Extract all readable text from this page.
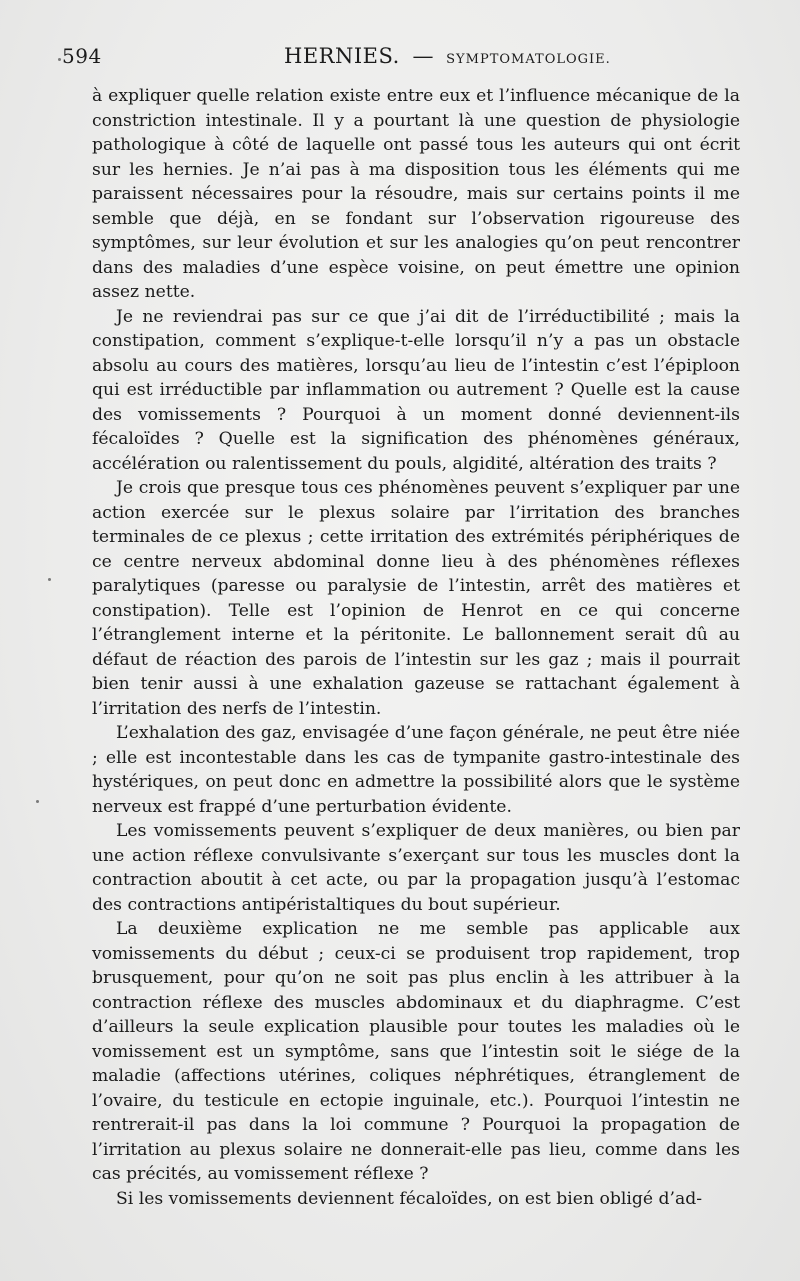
594	HERNIES. — SYMPTOMATOLOGIE.

à expliquer quelle relation existe entre eux et l’influence mécanique de la constriction intestinale. Il y a pourtant là une question de physiologie pathologique à côté de laquelle ont passé tous les auteurs qui ont écrit sur les hernies. Je n’ai pas à ma disposition tous les éléments qui me paraissent nécessaires pour la résoudre, mais sur certains points il me semble que déjà, en se fondant sur l’observation rigoureuse des symptômes, sur leur évolution et sur les analogies qu’on peut rencontrer dans des maladies d’une espèce voisine, on peut émettre une opinion assez nette.

Je ne reviendrai pas sur ce que j’ai dit de l’irréductibilité ; mais la constipation, comment s’explique-t-elle lorsqu’il n’y a pas un obstacle absolu au cours des matières, lorsqu’au lieu de l’intestin c’est l’épiploon qui est irréductible par inflammation ou autrement ? Quelle est la cause des vomissements ? Pourquoi à un moment donné deviennent-ils fécaloïdes ? Quelle est la signification des phénomènes généraux, accélération ou ralentissement du pouls, algidité, altération des traits ?

Je crois que presque tous ces phénomènes peuvent s’expliquer par une action exercée sur le plexus solaire par l’irritation des branches terminales de ce plexus ; cette irritation des extrémités périphériques de ce centre nerveux abdominal donne lieu à des phénomènes réflexes paralytiques (paresse ou paralysie de l’intestin, arrêt des matières et constipation). Telle est l’opinion de Henrot en ce qui concerne l’étranglement interne et la péritonite. Le ballonnement serait dû au défaut de réaction des parois de l’intestin sur les gaz ; mais il pourrait bien tenir aussi à une exhalation gazeuse se rattachant également à l’irritation des nerfs de l’intestin.

L’exhalation des gaz, envisagée d’une façon générale, ne peut être niée ; elle est incontestable dans les cas de tympanite gastro-intestinale des hystériques, on peut donc en admettre la possibilité alors que le système nerveux est frappé d’une perturbation évidente.

Les vomissements peuvent s’expliquer de deux manières, ou bien par une action réflexe convulsivante s’exerçant sur tous les muscles dont la contraction aboutit à cet acte, ou par la propagation jusqu’à l’estomac des contractions antipéristaltiques du bout supérieur.

La deuxième explication ne me semble pas applicable aux vomissements du début ; ceux-ci se produisent trop rapidement, trop brusquement, pour qu’on ne soit pas plus enclin à les attribuer à la contraction réflexe des muscles abdominaux et du diaphragme. C’est d’ailleurs la seule explication plausible pour toutes les maladies où le vomissement est un symptôme, sans que l’intestin soit le siége de la maladie (affections utérines, coliques néphrétiques, étranglement de l’ovaire, du testicule en ectopie inguinale, etc.). Pourquoi l’intestin ne rentrerait-il pas dans la loi commune ? Pourquoi la propagation de l’irritation au plexus solaire ne donnerait-elle pas lieu, comme dans les cas précités, au vomissement réflexe ?

Si les vomissements deviennent fécaloïdes, on est bien obligé d’ad-
